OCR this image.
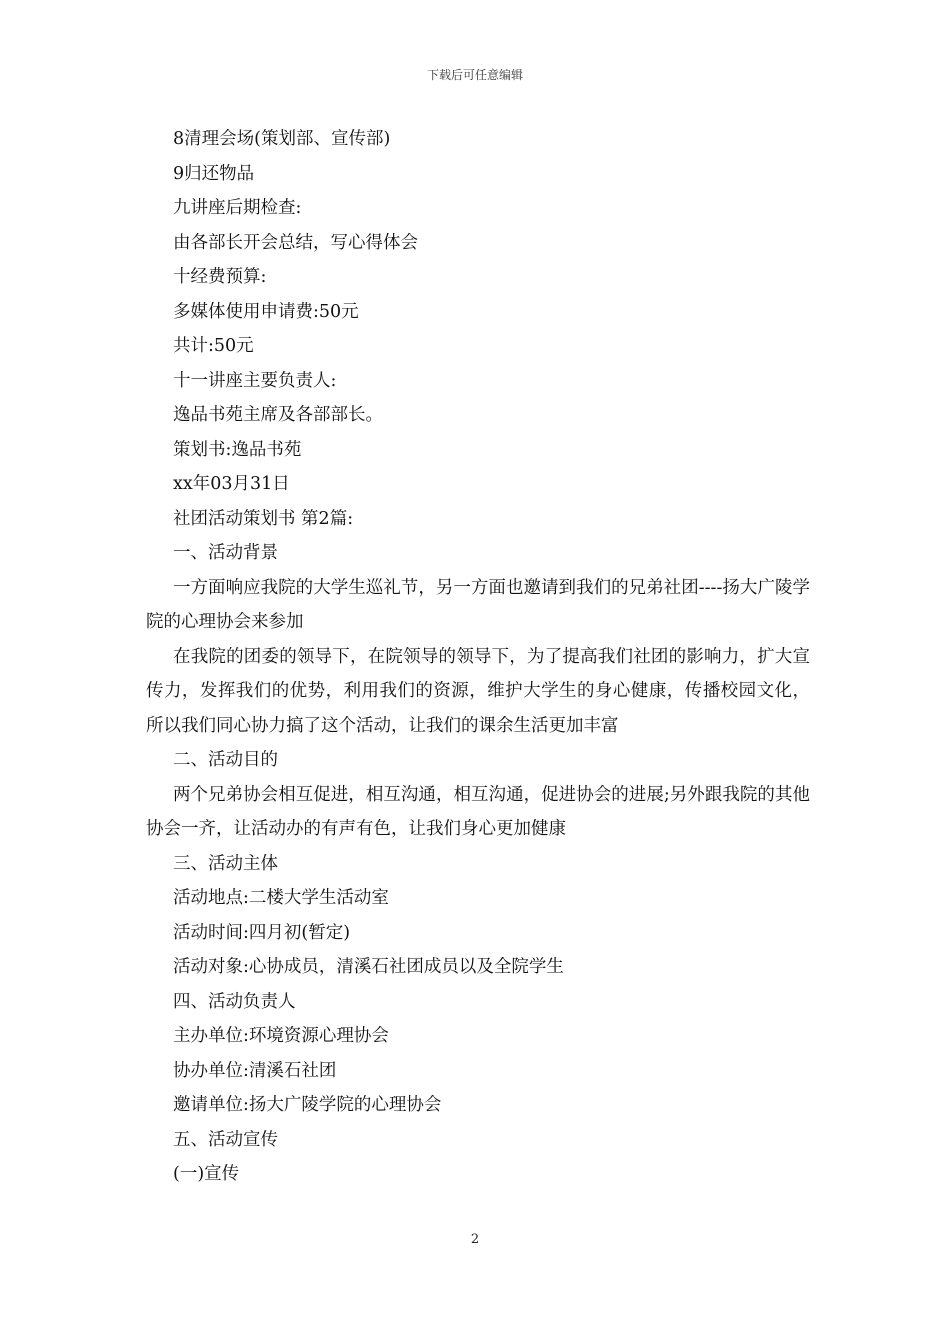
下载后可任意编辑

8清理会场(策划部、宣传部)

9归还物品

九讲座后期检查:

由各部长开会总结，写心得体会

十经费预算:

多媒体使用申请费:50元

共计:50元

十一讲座主要负责人:

逸品书苑主席及各部部长。

策划书:逸品书苑

xx年03月31日

社团活动策划书 第2篇:

一、活动背景

一方面响应我院的大学生巡礼节，另一方面也邀请到我们的兄弟社团----扬大广陵学院的心理协会来参加

在我院的团委的领导下，在院领导的领导下，为了提高我们社团的影响力，扩大宣传力，发挥我们的优势，利用我们的资源，维护大学生的身心健康，传播校园文化，所以我们同心协力搞了这个活动，让我们的课余生活更加丰富

二、活动目的

两个兄弟协会相互促进，相互沟通，相互沟通，促进协会的进展;另外跟我院的其他协会一齐，让活动办的有声有色，让我们身心更加健康

三、活动主体

活动地点:二楼大学生活动室

活动时间:四月初(暂定)

活动对象:心协成员，清溪石社团成员以及全院学生

四、活动负责人

主办单位:环境资源心理协会

协办单位:清溪石社团

邀请单位:扬大广陵学院的心理协会

五、活动宣传

(一)宣传

2
